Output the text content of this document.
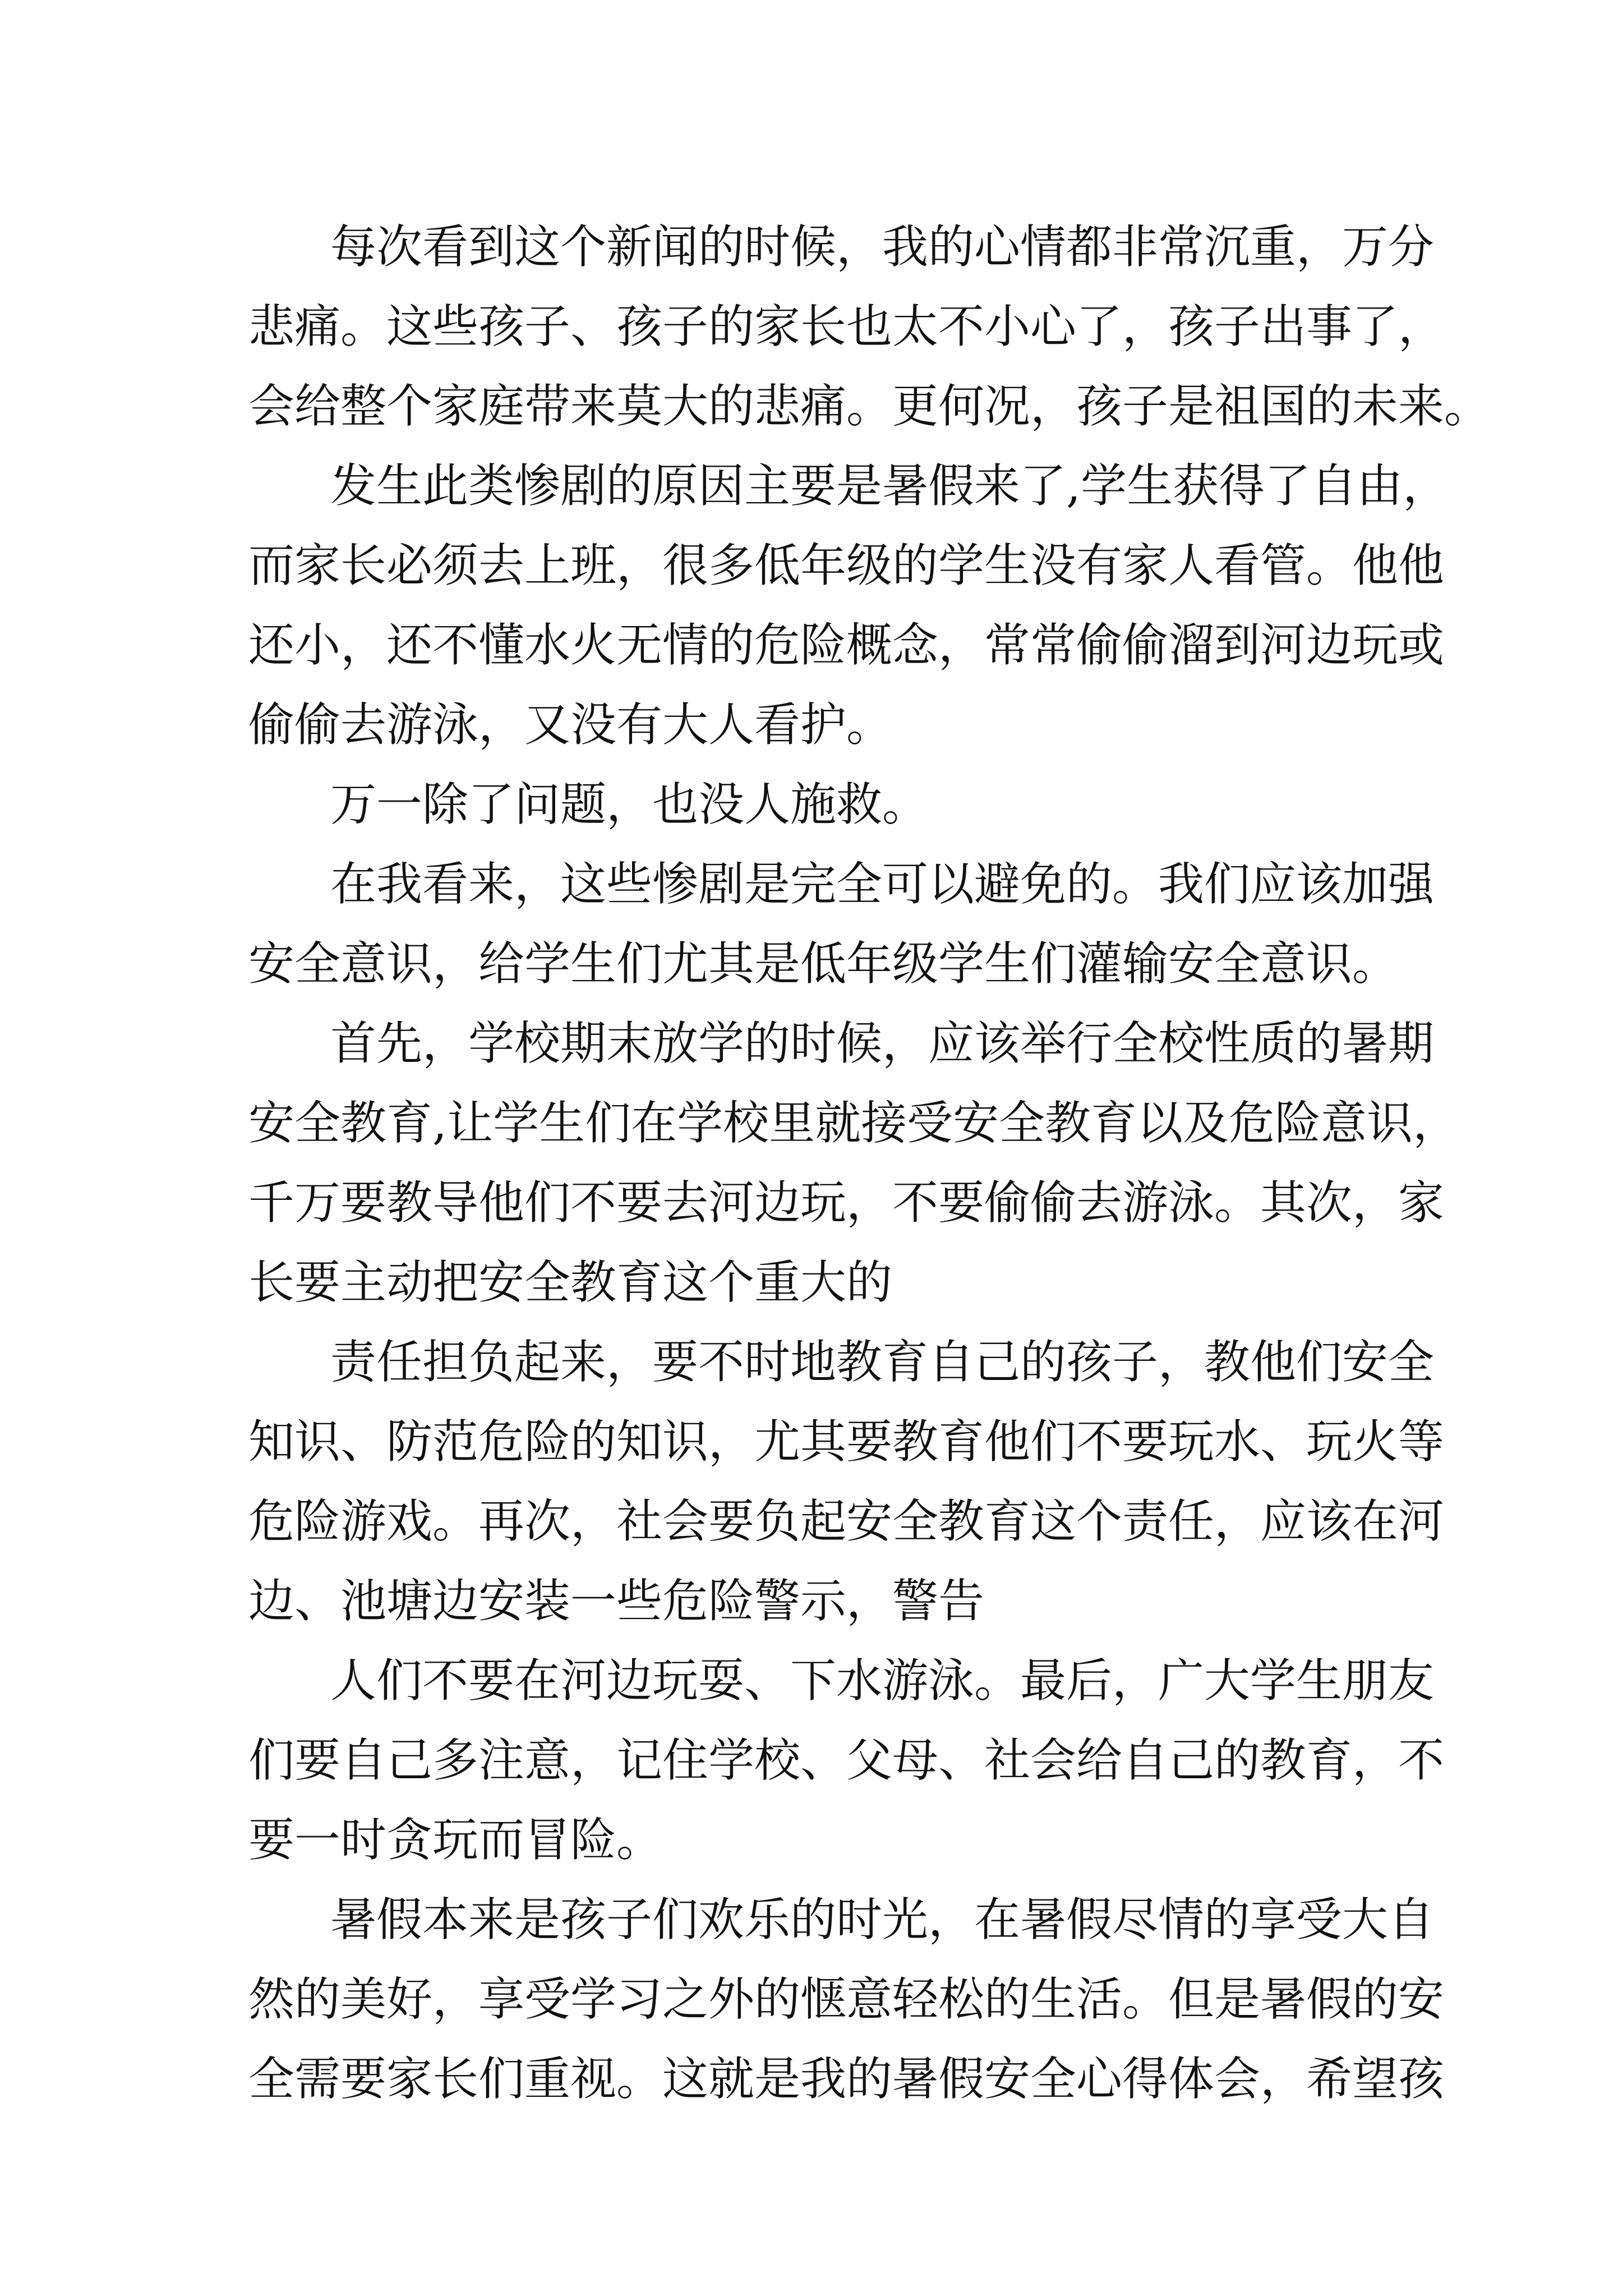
每次看到这个新闻的时候，我的心情都非常沉重，万分
悲痛。这些孩子、孩子的家长也太不小心了，孩子出事了，
会给整个家庭带来莫大的悲痛。更何况，孩子是祖国的未来。
发生此类惨剧的原因主要是暑假来了,学生获得了自由，
而家长必须去上班，很多低年级的学生没有家人看管。他他
还小，还不懂水火无情的危险概念，常常偷偷溜到河边玩或
偷偷去游泳，又没有大人看护。
万一除了问题，也没人施救。
在我看来，这些惨剧是完全可以避免的。我们应该加强
安全意识，给学生们尤其是低年级学生们灌输安全意识。
首先，学校期末放学的时候，应该举行全校性质的暑期
安全教育,让学生们在学校里就接受安全教育以及危险意识，
千万要教导他们不要去河边玩，不要偷偷去游泳。其次，家
长要主动把安全教育这个重大的
责任担负起来，要不时地教育自己的孩子，教他们安全
知识、防范危险的知识，尤其要教育他们不要玩水、玩火等
危险游戏。再次，社会要负起安全教育这个责任，应该在河
边、池塘边安装一些危险警示，警告
人们不要在河边玩耍、下水游泳。最后，广大学生朋友
们要自己多注意，记住学校、父母、社会给自己的教育，不
要一时贪玩而冒险。
暑假本来是孩子们欢乐的时光，在暑假尽情的享受大自
然的美好，享受学习之外的惬意轻松的生活。但是暑假的安
全需要家长们重视。这就是我的暑假安全心得体会，希望孩
